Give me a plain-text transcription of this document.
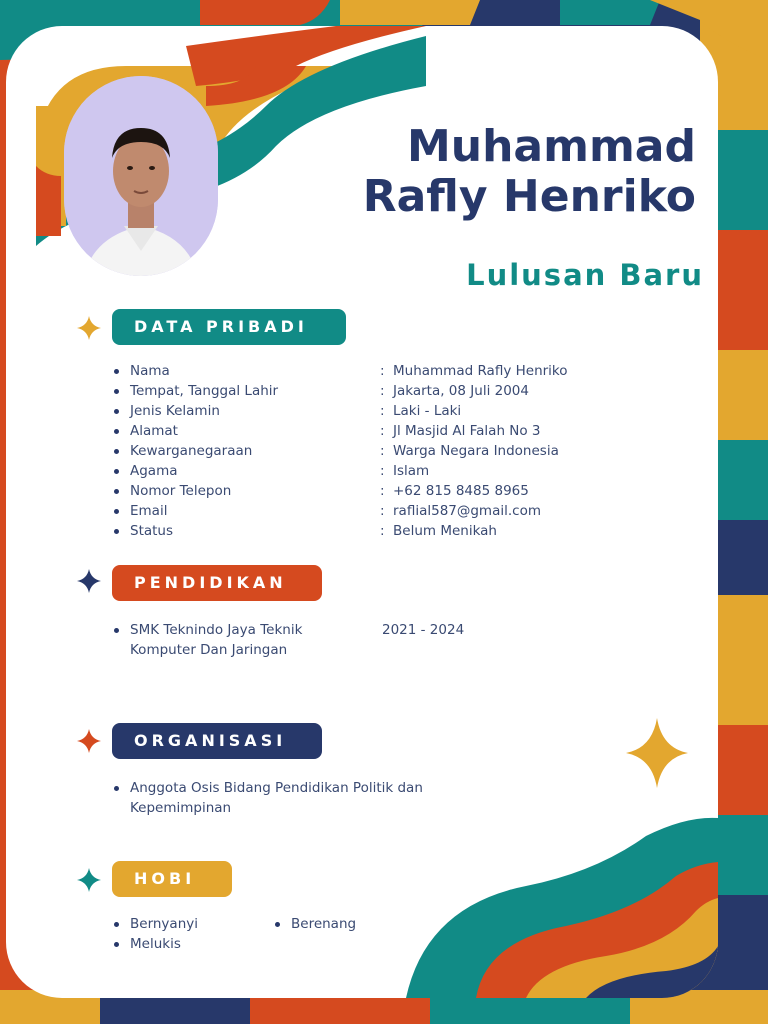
Muhammad
Rafly Henriko
Lulusan Baru
DATA PRIBADI
Nama	: Muhammad Rafly Henriko
Tempat, Tanggal Lahir	: Jakarta, 08 Juli 2004
Jenis Kelamin	: Laki - Laki
Alamat	: Jl Masjid Al Falah No 3
Kewarganegaraan	: Warga Negara Indonesia
Agama	: Islam
Nomor Telepon	: +62 815 8485 8965
Email	: raflial587@gmail.com
Status	: Belum Menikah
PENDIDIKAN
SMK Teknindo Jaya Teknik
Komputer Dan Jaringan
2021 - 2024
ORGANISASI
Anggota Osis Bidang Pendidikan Politik dan
Kepemimpinan
HOBI
Bernyanyi
Melukis
Berenang
